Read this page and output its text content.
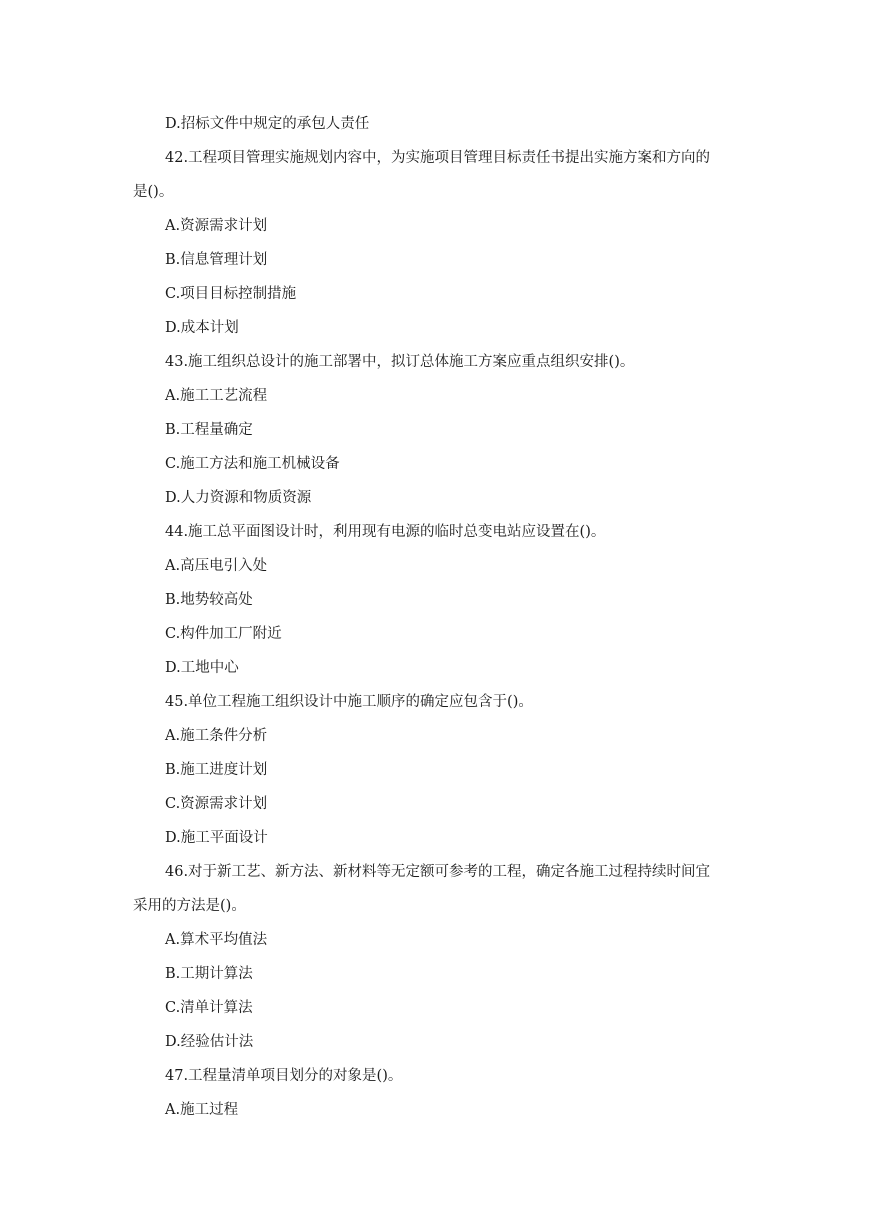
D.招标文件中规定的承包人责任
42.工程项目管理实施规划内容中，为实施项目管理目标责任书提出实施方案和方向的
是()。
A.资源需求计划
B.信息管理计划
C.项目目标控制措施
D.成本计划
43.施工组织总设计的施工部署中，拟订总体施工方案应重点组织安排()。
A.施工工艺流程
B.工程量确定
C.施工方法和施工机械设备
D.人力资源和物质资源
44.施工总平面图设计时，利用现有电源的临时总变电站应设置在()。
A.高压电引入处
B.地势较高处
C.构件加工厂附近
D.工地中心
45.单位工程施工组织设计中施工顺序的确定应包含于()。
A.施工条件分析
B.施工进度计划
C.资源需求计划
D.施工平面设计
46.对于新工艺、新方法、新材料等无定额可参考的工程，确定各施工过程持续时间宜
采用的方法是()。
A.算术平均值法
B.工期计算法
C.清单计算法
D.经验估计法
47.工程量清单项目划分的对象是()。
A.施工过程
